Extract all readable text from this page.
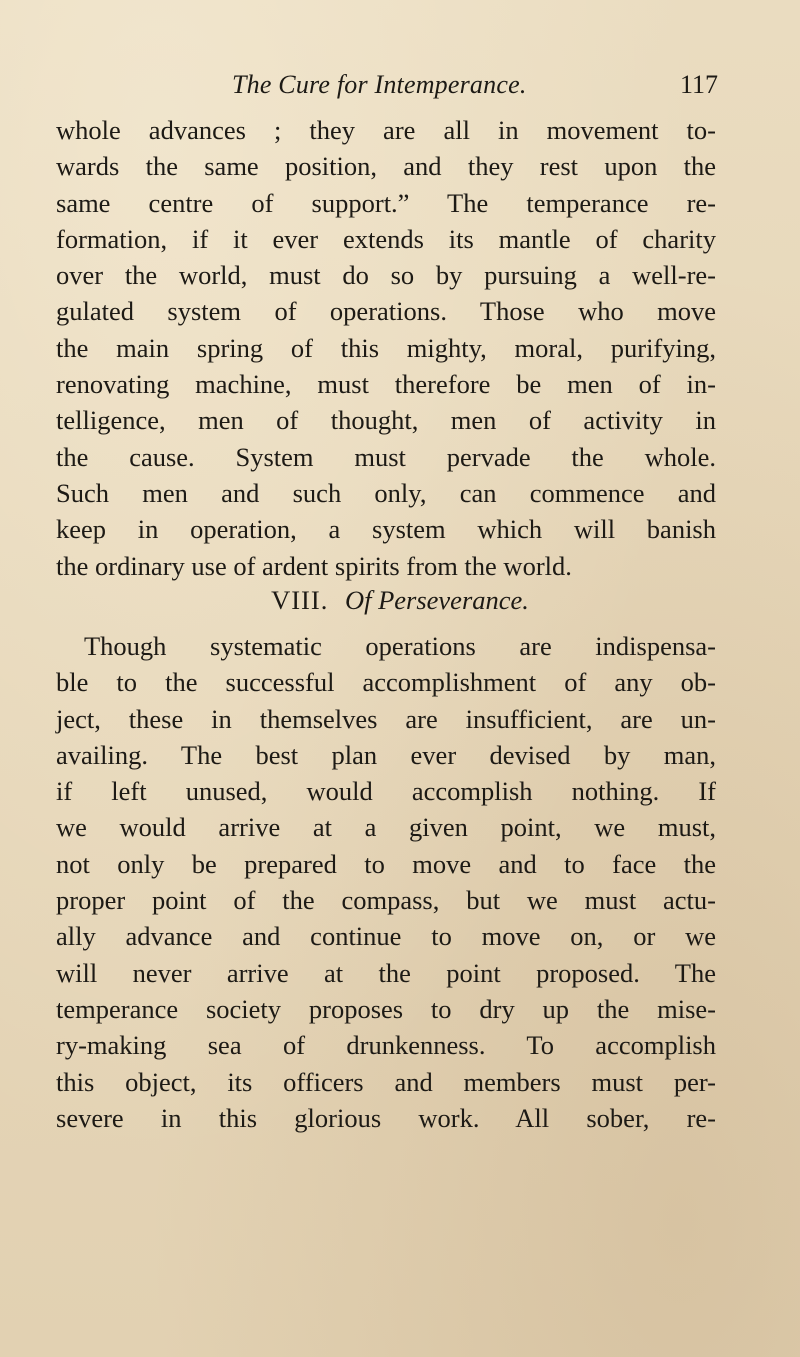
The Cure for Intemperance.	117
whole advances ; they are all in movement to-
wards the same position, and they rest upon the
same centre of support.” The temperance re-
formation, if it ever extends its mantle of charity
over the world, must do so by pursuing a well-re-
gulated system of operations. Those who move
the main spring of this mighty, moral, purifying,
renovating machine, must therefore be men of in-
telligence, men of thought, men of activity in
the cause. System must pervade the whole.
Such men and such only, can commence and
keep in operation, a system which will banish
the ordinary use of ardent spirits from the world.
VIII. Of Perseverance.
Though systematic operations are indispensa-
ble to the successful accomplishment of any ob-
ject, these in themselves are insufficient, are un-
availing. The best plan ever devised by man,
if left unused, would accomplish nothing. If
we would arrive at a given point, we must,
not only be prepared to move and to face the
proper point of the compass, but we must actu-
ally advance and continue to move on, or we
will never arrive at the point proposed. The
temperance society proposes to dry up the mise-
ry-making sea of drunkenness. To accomplish
this object, its officers and members must per-
severe in this glorious work. All sober, re-
